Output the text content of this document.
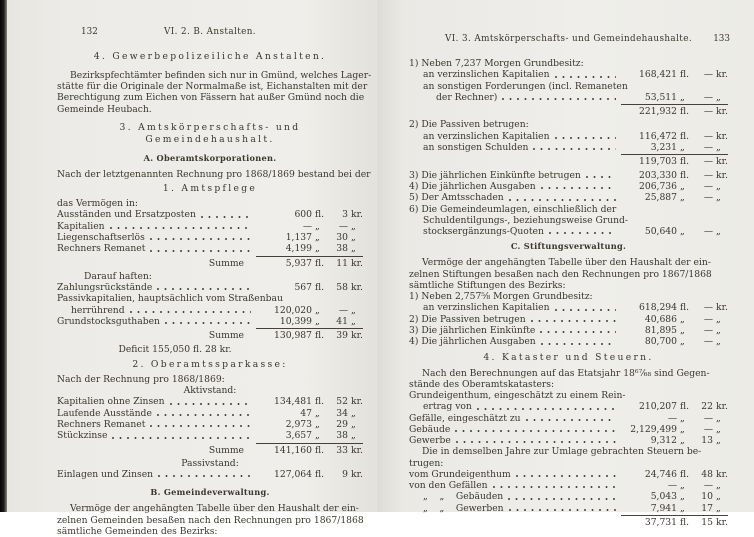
132	VI. 2. B. Anstalten.
4. Gewerbepolizeiliche Anstalten.
Bezirkspfechtämter befinden sich nur in Gmünd, welches Lager-
stätte für die Originale der Normalmaße ist, Eichanstalten mit der
Berechtigung zum Eichen von Fässern hat außer Gmünd noch die
Gemeinde Heubach.
3. Amtskörperschafts- und Gemeindehaushalt.
A. Oberamtskorporationen.
Nach der letztgenannten Rechnung pro 1868/1869 bestand bei der
1. Amtspflege
das Vermögen in:
Ausständen und Ersatzposten	600 fl.	3 kr.
Kapitalien	— „	— „
Liegenschaftserlös	1,137 „	30 „
Rechners Remanet	4,199 „	38 „
Summe	5,937 fl.	11 kr.
Darauf haften:
Zahlungsrückstände	567 fl.	58 kr.
Passivkapitalien, hauptsächlich vom Straßenbau
herrührend	120,020 „	— „
Grundstocksguthaben	10,399 „	41 „
Summe	130,987 fl.	39 kr.
Deficit 155,050 fl. 28 kr.
2. Oberamtssparkasse:
Nach der Rechnung pro 1868/1869:
Aktivstand:
Kapitalien ohne Zinsen	134,481 fl.	52 kr.
Laufende Ausstände	47 „	34 „
Rechners Remanet	2,973 „	29 „
Stückzinse	3,657 „	38 „
Summe	141,160 fl.	33 kr.
Passivstand:
Einlagen und Zinsen	127,064 fl.	9 kr.
B. Gemeindeverwaltung.
Vermöge der angehängten Tabelle über den Haushalt der ein-
zelnen Gemeinden besaßen nach den Rechnungen pro 1867/1868
sämtliche Gemeinden des Bezirks:
VI. 3. Amtskörperschafts- und Gemeindehaushalte. 133
1) Neben 7,237 Morgen Grundbesitz:
an verzinslichen Kapitalien	168,421 fl.	— kr.
an sonstigen Forderungen (incl. Remaneten
der Rechner)	53,511 „	— „
221,932 fl.	— kr.
2) Die Passiven betrugen:
an verzinslichen Kapitalien	116,472 fl.	— kr.
an sonstigen Schulden	3,231 „	— „
119,703 fl.	— kr.
3) Die jährlichen Einkünfte betrugen	203,330 fl.	— kr.
4) Die jährlichen Ausgaben	206,736 „	— „
5) Der Amtsschaden	25,887 „	— „
6) Die Gemeindeumlagen, einschließlich der
Schuldentilgungs-, beziehungsweise Grund-
stocksergänzungs-Quoten	50,640 „	— „
C. Stiftungsverwaltung.
Vermöge der angehängten Tabelle über den Haushalt der ein-
zelnen Stiftungen besaßen nach den Rechnungen pro 1867/1868
sämtliche Stiftungen des Bezirks:
1) Neben 2,757⁵⁄₈ Morgen Grundbesitz:
an verzinslichen Kapitalien	618,294 fl.	— kr.
2) Die Passiven betrugen	40,686 „	— „
3) Die jährlichen Einkünfte	81,895 „	— „
4) Die jährlichen Ausgaben	80,700 „	— „
4. Kataster und Steuern.
Nach den Berechnungen auf das Etatsjahr 18⁶⁷⁄₆₈ sind Gegen-
stände des Oberamtskatasters:
Grundeigenthum, eingeschätzt zu einem Rein-
ertrag von	210,207 fl.	22 kr.
Gefälle, eingeschätzt zu	— „	— „
Gebäude	2,129,499 „	— „
Gewerbe	9,312 „	13 „
Die in demselben Jahre zur Umlage gebrachten Steuern be-
trugen:
vom Grundeigenthum	24,746 fl.	48 kr.
von den Gefällen	— „	— „
„    „    Gebäuden	5,043 „	10 „
„    „    Gewerben	7,941 „	17 „
37,731 fl.	15 kr.
